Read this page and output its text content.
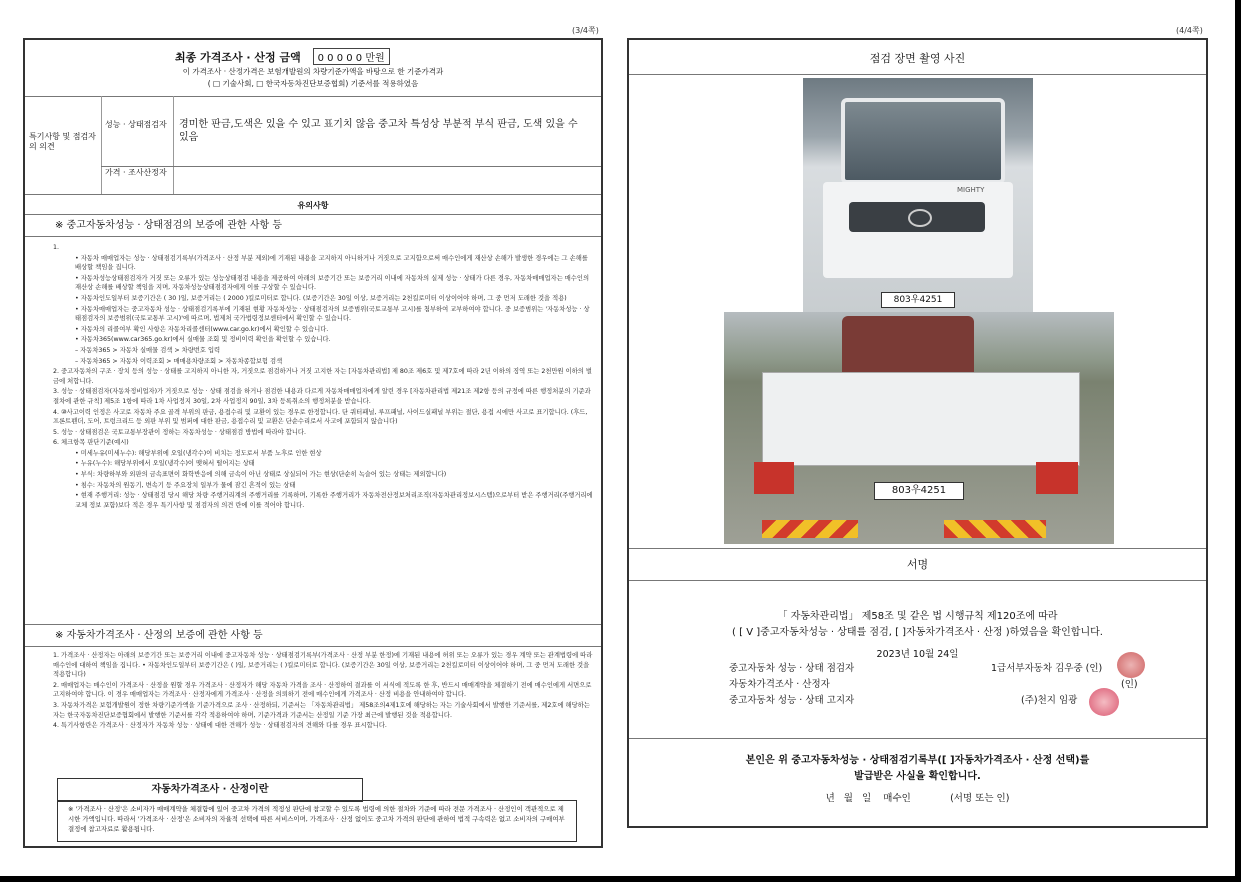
(3/4쪽)	(4/4쪽)
최종 가격조사 · 산정 금액 0 0 0 0 0 만원
이 가격조사 · 산정가격은 보험개발원의 차량기준가액을 바탕으로 한 기준가격과
( □ 기술사회, □ 한국자동차진단보증협회) 기준서를 적용하였음
특기사항 및 점검자의 의견
성능 · 상태점검자	경미한 판금,도색은 있을 수 있고 표기치 않음 중고차 특성상 부분적 부식 판금, 도색 있을 수 있음
가격 · 조사산정자
유의사항
※ 중고자동차성능 · 상태점검의 보증에 관한 사항 등
1.
• 자동차 매매업자는 성능 · 상태점검기록부(가격조사 · 산정 부분 제외)에 기재된 내용을 고지하지 아니하거나 거짓으로 고지함으로써 매수인에게 재산상 손해가 발생한 경우에는 그 손해를 배상할 책임을 집니다.
• 자동차성능상태점검자가 거짓 또는 오류가 있는 성능상태점검 내용을 제공하여 아래의 보증기간 또는 보증거리 이내에 자동차의 실제 성능 · 상태가 다른 경우, 자동차매매업자는 매수인의 재산상 손해를 배상할 책임을 지며, 자동차성능상태점검자에게 이를 구상할 수 있습니다.
• 자동차인도일부터 보증기간은 ( 30 )일, 보증거리는 ( 2000 )킬로미터로 합니다. (보증기간은 30일 이상, 보증거리는 2천킬로미터 이상이어야 하며, 그 중 먼저 도래한 것을 적용)
• 자동차매매업자는 중고자동차 성능 · 상태점검기록부에 기재된 현황 자동차성능 · 상태점검자의 보증범위(국토교통부 고시)를 첨부하여 교부하여야 합니다. 중 보증범위는 '자동차성능 · 상태점검자의 보증범위(국토교통부 고시)'에 따르며, 법제처 국가법령정보센터에서 확인할 수 있습니다.
• 자동차의 리콜여부 확인 사항은 자동차리콜센터(www.car.go.kr)에서 확인할 수 있습니다.
• 자동차365(www.car365.go.kr)에서 실매물 조회 및 정비이력 확인을 확인할 수 있습니다.
– 자동차365 > 자동차 실매물 검색 > 차량번호 입력
– 자동차365 > 자동차 이력조회 > 매매용차량조회 > 자동차종합보험 검색
2. 중고자동차의 구조 · 장치 등의 성능 · 상태를 고지하지 아니한 자, 거짓으로 점검하거나 거짓 고지한 자는 [자동차관리법] 제 80조 제6호 및 제7호에 따라 2년 이하의 징역 또는 2천만원 이하의 벌금에 처합니다.
3. 성능 · 상태점검자(자동차정비업자)가 거짓으로 성능 · 상태 점검을 하거나 점검한 내용과 다르게 자동차매매업자에게 알린 경우 [자동차관리법 제21조 제2항 등의 규정에 따른 행정처분의 기준과 절차에 관한 규칙] 제5조 1항에 따라 1차 사업정지 30일, 2차 사업정지 90일, 3차 등록취소의 행정처분을 받습니다.
4. ⑩사고이력 인정은 사고로 자동차 주요 골격 부위의 판금, 용접수리 및 교환이 있는 경우로 한정합니다. 단 쿼터패널, 루프패널, 사이드실패널 부위는 절단, 용접 시에만 사고로 표기합니다. (후드, 프론트펜더, 도어, 트렁크리드 등 외판 부위 및 범퍼에 대한 판금, 용접수리 및 교환은 단순수리로서 사고에 포함되지 않습니다)
5. 성능 · 상태점검은 국토교통부장관이 정하는 자동차성능 · 상태점검 방법에 따라야 합니다.
6. 체크항목 판단기준(예시)
• 미세누유(미세누수): 해당부위에 오일(냉각수)이 비치는 정도로서 부품 노후로 인한 현상
• 누유(누수): 해당부위에서 오일(냉각수)이 맺혀서 떨어지는 상태
• 부식: 차량하부와 외판의 금속표면이 화학반응에 의해 금속이 아닌 상태로 상실되어 가는 현상(단순히 녹슬어 있는 상태는 제외합니다)
• 침수: 자동차의 원동기, 변속기 등 주요장치 일부가 물에 잠긴 흔적이 있는 상태
• 현재 주행거리: 성능 · 상태점검 당시 해당 차량 주행거리계의 주행거리를 기록하며, 기록한 주행거리가 자동차전산정보처리조직(자동차관리정보시스템)으로부터 받은 주행거리(주행거리에 교체 정보 포함)보다 적은 경우 특기사항 및 점검자의 의견 란에 이를 적어야 합니다.
※ 자동차가격조사 · 산정의 보증에 관한 사항 등
1. 가격조사 · 산정자는 아래의 보증기간 또는 보증거리 이내에 중고자동차 성능 · 상태점검기록부(가격조사 · 산정 부분 한정)에 기재된 내용에 허위 또는 오류가 있는 경우 계약 또는 관계법령에 따라 매수인에 대하여 책임을 집니다. • 자동차인도일부터 보증기간은 ( )일, 보증거리는 ( )킬로미터로 합니다. (보증기간은 30일 이상, 보증거리는 2천킬로미터 이상이어야 하며, 그 중 먼저 도래한 것을 적용합니다)
2. 매매업자는 매수인이 가격조사 · 산정을 원할 경우 가격조사 · 산정자가 해당 자동차 가격을 조사 · 산정하여 결과를 이 서식에 적도록 한 후, 반드시 매매계약을 체결하기 전에 매수인에게 서면으로 고지하여야 합니다. 이 경우 매매업자는 가격조사 · 산정자에게 가격조사 · 산정을 의뢰하기 전에 매수인에게 가격조사 · 산정 비용을 안내하여야 합니다.
3. 자동차가격은 보험개발원이 정한 차량기준가액을 기준가격으로 조사 · 산정하되, 기준서는 「자동차관리법」 제58조의4제1호에 해당하는 자는 기술사회에서 발행한 기준서를, 제2호에 해당하는 자는 한국자동차진단보증협회에서 발행한 기준서를 각각 적용하여야 하며, 기준가격과 기준서는 산정일 기준 가장 최근에 발행된 것을 적용합니다.
4. 특기사항란은 가격조사 · 산정자가 자동차 성능 · 상태에 대한 견해가 성능 · 상태점검자의 견해와 다를 경우 표시합니다.
자동차가격조사 · 산정이란
※ '가격조사 · 산정'은 소비자가 매매계약을 체결함에 있어 중고차 가격의 적정성 판단에 참고할 수 있도록 법령에 의한 절차와 기준에 따라 전문 가격조사 · 산정인이 객관적으로 제시한 가액입니다. 따라서 '가격조사 · 산정'은 소비자의 자율적 선택에 따른 서비스이며, 가격조사 · 산정 없이도 중고차 가격의 판단에 관하여 법적 구속력은 없고 소비자의 구매여부 결정에 참고자료로 활용됩니다.
점검 장면 촬영 사진
MIGHTY
803우4251
803우4251
서명
「 자동차관리법」 제58조 및 같은 법 시행규칙 제120조에 따라
( [ V ]중고자동차성능 · 상태를 점검, [ ]자동차가격조사 · 산정 )하였음을 확인합니다.
2023년 10월 24일
중고자동차 성능 · 상태 점검자	1급서부자동차 김우중 (인)
자동차가격조사 · 산정자	(인)
중고자동차 성능 · 상태 고지자	(주)천지 임광
본인은 위 중고자동차성능 · 상태점검기록부([ ]자동차가격조사 · 산정 선택)를
발급받은 사실을 확인합니다.
년   월   일    매수인             (서명 또는 인)
